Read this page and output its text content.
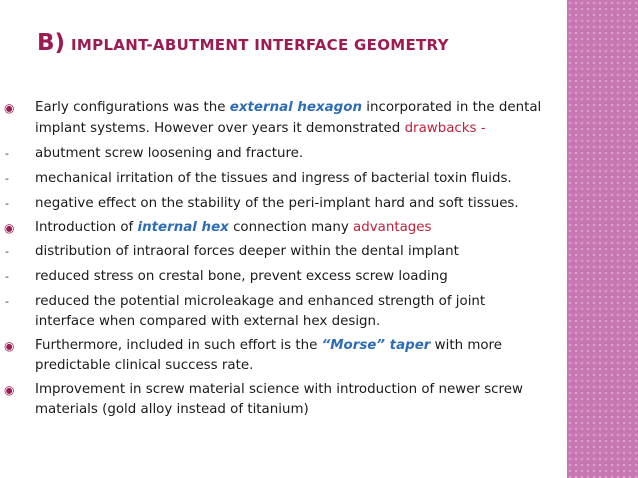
B) IMPLANT-ABUTMENT INTERFACE GEOMETRY
◉ Early configurations was the external hexagon incorporated in the dental

implant systems. However over years it demonstrated drawbacks -

- abutment screw loosening and fracture.

- mechanical irritation of the tissues and ingress of bacterial toxin fluids.

- negative effect on the stability of the peri-implant hard and soft tissues.

◉ Introduction of internal hex connection many advantages

- distribution of intraoral forces deeper within the dental implant

- reduced stress on crestal bone, prevent excess screw loading

- reduced the potential microleakage and enhanced strength of joint

interface when compared with external hex design.

◉ Furthermore, included in such effort is the “Morse” taper with more

predictable clinical success rate.

◉ Improvement in screw material science with introduction of newer screw

materials (gold alloy instead of titanium)
